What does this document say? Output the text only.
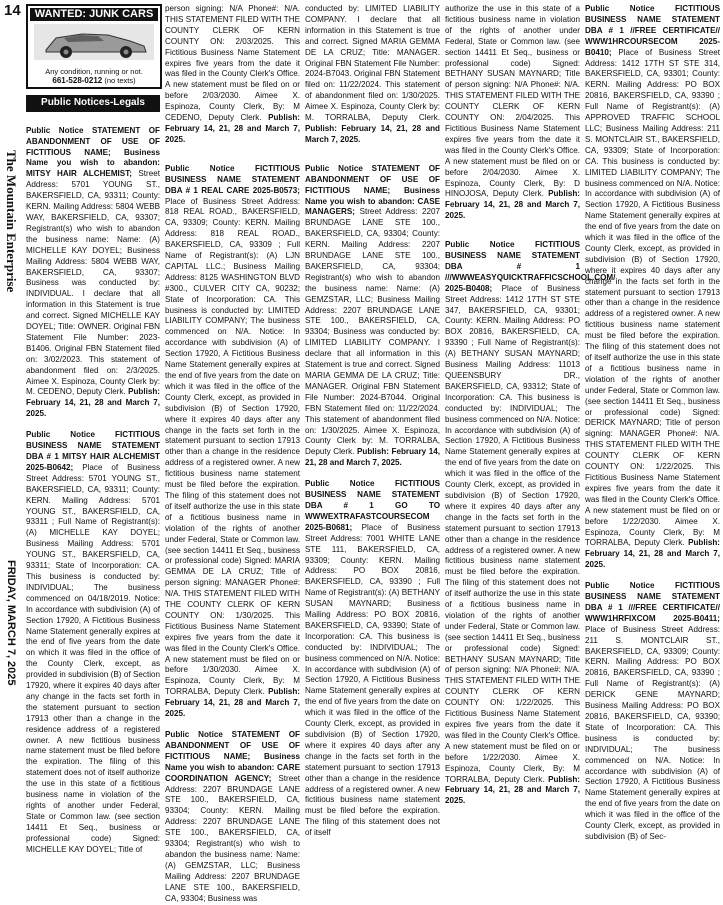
14
The Mountain Enterprise
FRIDAY, MARCH 7, 2025
WANTED: JUNK CARS
Any condition, running or not.
661-528-0212 (no texts)
Public Notices-Legals
Public Notice STATEMENT OF ABANDONMENT OF USE OF FICTITIOUS NAME; Business Name you wish to abandon: MITSY HAIR ALCHEMIST; Street Address: 5701 YOUNG ST., BAKERSFIELD, CA, 93311; County: KERN. Mailing Address: 5804 WEBB WAY, BAKERSFIELD, CA, 93307; Registrant(s) who wish to abandon the business name: Name: (A) MICHELLE KAY DOYEL; Business Mailing Address: 5804 WEBB WAY, BAKERSFIELD, CA, 93307; Business was conducted by: INDIVIDUAL. I declare that all information in this Statement is true and correct. Signed MICHELLE KAY DOYEL; Title: OWNER. Original FBN Statement File Number: 2023-B1406. Original FBN Statement filed on: 3/02/2023. This statement of abandonment filed on: 2/3/2025. Aimee X. Espinoza, County Clerk by: M. CEDENO, Deputy Clerk. Publish: February 14, 21, 28 and March 7, 2025.
Public Notice FICTITIOUS BUSINESS NAME STATEMENT DBA # 1 MITSY HAIR ALCHEMIST 2025-B0642; Place of Business Street Address: 5701 YOUNG ST., BAKERSFIELD, CA, 93311; County: KERN. Mailing Address: 5701 YOUNG ST., BAKERSFIELD, CA, 93311 ; Full Name of Registrant(s): (A) MICHELLE KAY DOYEL; Business Mailing Address: 5701 YOUNG ST., BAKERSFIELD, CA, 93311; State of Incorporation: CA. This business is conducted by: INDIVIDUAL; The business commenced on 04/18/2019. Notice: In accordance with subdivision (A) of Section 17920, A Fictitious Business Name Statement generally expires at the end of five years from the date on which it was filed in the office of the County Clerk, except, as provided in subdivision (B) of Section 17920, where it expires 40 days after any change in the facts set forth in the statement pursuant to section 17913 other than a change in the residence address of a registered owner. A new fictitious business name statement must be filed before the expiration. The filing of this statement does not of itself authorize the use in this state of a fictitious business name in violation of the rights of another under Federal, State or Common law. (see section 14411 Et Seq., business or professional code) Signed: MICHELLE KAY DOYEL; Title of
person signing: N/A Phone#: N/A. THIS STATEMENT FILED WITH THE COUNTY CLERK OF KERN COUNTY ON: 2/03/2025. This Fictitious Business Name Statement expires five years from the date it was filed in the County Clerk's Office. A new statement must be filed on or before 2/03/2030. Aimee X. Espinoza, County Clerk, By: M CEDENO, Deputy Clerk. Publish: February 14, 21, 28 and March 7, 2025.
Public Notice FICTITIOUS BUSINESS NAME STATEMENT DBA # 1 REAL CARE 2025-B0573; Place of Business Street Address: 818 REAL ROAD., BAKERSFIELD, CA, 93309; County: KERN. Mailing Address: 818 REAL ROAD., BAKERSFIELD, CA, 93309 ; Full Name of Registrant(s): (A) LJN CAPITAL LLC.; Business Mailing Address: 8125 WASHINGTON BLVD #300., CULVER CITY CA, 90232; State of Incorporation: CA. This business is conducted by: LIMITED LIABILITY COMPANY; The business commenced on N/A. Notice: In accordance with subdivision (A) of Section 17920, A Fictitious Business Name Statement generally expires at the end of five years from the date on which it was filed in the office of the County Clerk, except, as provided in subdivision (B) of Section 17920, where it expires 40 days after any change in the facts set forth in the statement pursuant to section 17913 other than a change in the residence address of a registered owner. A new fictitious business name statement must be filed before the expiration. The filing of this statement does not of itself authorize the use in this state of a fictitious business name in violation of the rights of another under Federal, State or Common law. (see section 14411 Et Seq., business or professional code) Signed: MARIA GEMMA DE LA CRUZ; Title of person signing: MANAGER Phone#: N/A. THIS STATEMENT FILED WITH THE COUNTY CLERK OF KERN COUNTY ON: 1/30/2025. This Fictitious Business Name Statement expires five years from the date it was filed in the County Clerk's Office. A new statement must be filed on or before 1/30/2030. Aimee X. Espinoza, County Clerk, By: M TORRALBA, Deputy Clerk. Publish: February 14, 21, 28 and March 7, 2025.
Public Notice STATEMENT OF ABANDONMENT OF USE OF FICTITIOUS NAME; Business Name you wish to abandon: CARE COORDINATION AGENCY; Street Address: 2207 BRUNDAGE LANE STE 100., BAKERSFIELD, CA, 93304; County: KERN. Mailing Address: 2207 BRUNDAGE LANE STE 100., BAKERSFIELD, CA, 93304; Registrant(s) who wish to abandon the business name: Name: (A) GEMZSTAR, LLC; Business Mailing Address: 2207 BRUNDAGE LANE STE 100., BAKERSFIELD, CA, 93304; Business was
conducted by: LIMITED LIABILITY COMPANY. I declare that all information in this Statement is true and correct. Signed MARIA GEMMA DE LA CRUZ; Title: MANAGER. Original FBN Statement File Number: 2024-B7043. Original FBN Statement filed on: 11/22/2024. This statement of abandonment filed on: 1/30/2025. Aimee X. Espinoza, County Clerk by: M. TORRALBA, Deputy Clerk. Publish: February 14, 21, 28 and March 7, 2025.
Public Notice STATEMENT OF ABANDONMENT OF USE OF FICTITIOUS NAME; Business Name you wish to abandon: CASE MANAGERS; Street Address: 2207 BRUNDAGE LANE STE 100., BAKERSFIELD, CA, 93304; County: KERN. Mailing Address: 2207 BRUNDAGE LANE STE 100., BAKERSFIELD, CA, 93304; Registrant(s) who wish to abandon the business name: Name: (A) GEMZSTAR, LLC; Business Mailing Address: 2207 BRUNDAGE LANE STE 100., BAKERSFIELD, CA, 93304; Business was conducted by: LIMITED LIABILITY COMPANY. I declare that all information in this Statement is true and correct. Signed MARIA GEMMA DE LA CRUZ; Title: MANAGER. Original FBN Statement File Number: 2024-B7044. Original FBN Statement filed on: 11/22/2024. This statement of abandonment filed on: 1/30/2025. Aimee X. Espinoza, County Clerk by: M. TORRALBA, Deputy Clerk. Publish: February 14, 21, 28 and March 7, 2025.
Public Notice FICTITIOUS BUSINESS NAME STATEMENT DBA # 1 GO TO WWWEXTRAFASTCOURSECOM 2025-B0681; Place of Business Street Address: 7001 WHITE LANE STE 111, BAKERSFIELD, CA, 93309; County: KERN. Mailing Address: PO BOX 20816, BAKERSFIELD, CA, 93390 ; Full Name of Registrant(s): (A) BETHANY SUSAN MAYNARD; Business Mailing Address: PO BOX 20816, BAKERSFIELD, CA, 93390; State of Incorporation: CA. This business is conducted by: INDIVIDUAL; The business commenced on N/A. Notice: In accordance with subdivision (A) of Section 17920, A Fictitious Business Name Statement generally expires at the end of five years from the date on which it was filed in the office of the County Clerk, except, as provided in subdivision (B) of Section 17920, where it expires 40 days after any change in the facts set forth in the statement pursuant to section 17913 other than a change in the residence address of a registered owner. A new fictitious business name statement must be filed before the expiration. The filing of this statement does not of itself
authorize the use in this state of a fictitious business name in violation of the rights of another under Federal, State or Common law. (see section 14411 Et Seq., business or professional code) Signed: BETHANY SUSAN MAYNARD; Title of person signing: N/A Phone#: N/A. THIS STATEMENT FILED WITH THE COUNTY CLERK OF KERN COUNTY ON: 2/04/2025. This Fictitious Business Name Statement expires five years from the date it was filed in the County Clerk's Office. A new statement must be filed on or before 2/04/2030. Aimee X. Espinoza, County Clerk, By: D HINOJOSA, Deputy Clerk. Publish: February 14, 21, 28 and March 7, 2025.
Public Notice FICTITIOUS BUSINESS NAME STATEMENT DBA # 1 ///WWWEASYQUICKTRAFFICSCHOOL.COM/ 2025-B0408; Place of Business Street Address: 1412 17TH ST STE 347, BAKERSFIELD, CA, 93301; County: KERN. Mailing Address: PO BOX 20816, BAKERSFIELD, CA, 93390 ; Full Name of Registrant(s): (A) BETHANY SUSAN MAYNARD; Business Mailing Address: 11013 QUEENSBURY DR., BAKERSFIELD, CA, 93312; State of Incorporation: CA. This business is conducted by: INDIVIDUAL; The business commenced on N/A. Notice: In accordance with subdivision (A) of Section 17920, A Fictitious Business Name Statement generally expires at the end of five years from the date on which it was filed in the office of the County Clerk, except, as provided in subdivision (B) of Section 17920, where it expires 40 days after any change in the facts set forth in the statement pursuant to section 17913 other than a change in the residence address of a registered owner. A new fictitious business name statement must be filed before the expiration. The filing of this statement does not of itself authorize the use in this state of a fictitious business name in violation of the rights of another under Federal, State or Common law. (see section 14411 Et Seq., business or professional code) Signed: BETHANY SUSAN MAYNARD; Title of person signing: N/A Phone#: N/A. THIS STATEMENT FILED WITH THE COUNTY CLERK OF KERN COUNTY ON: 1/22/2025. This Fictitious Business Name Statement expires five years from the date it was filed in the County Clerk's Office. A new statement must be filed on or before 1/22/2030. Aimee X. Espinoza, County Clerk, By: M TORRALBA, Deputy Clerk. Publish: February 14, 21, 28 and March 7, 2025.
Public Notice FICTITIOUS BUSINESS NAME STATEMENT DBA # 1 //FREE CERTIFICATE// WWW1HRCOURSECOM 2025-B0410; Place of Business Street Address: 1412 17TH ST STE 314, BAKERSFIELD, CA, 93301; County: KERN. Mailing Address: PO BOX 20816, BAKERSFIELD, CA, 93390 ; Full Name of Registrant(s): (A) APPROVED TRAFFIC SCHOOL LLC; Business Mailing Address: 211 S. MONTCLAIR ST., BAKERSFIELD, CA, 93309; State of Incorporation: CA. This business is conducted by: LIMITED LIABILITY COMPANY; The business commenced on N/A. Notice: In accordance with subdivision (A) of Section 17920, A Fictitious Business Name Statement generally expires at the end of five years from the date on which it was filed in the office of the County Clerk, except, as provided in subdivision (B) of Section 17920, where it expires 40 days after any change in the facts set forth in the statement pursuant to section 17913 other than a change in the residence address of a registered owner. A new fictitious business name statement must be filed before the expiration. The filing of this statement does not of itself authorize the use in this state of a fictitious business name in violation of the rights of another under Federal, State or Common law. (see section 14411 Et Seq., business or professional code) Signed: DERICK MAYNARD; Title of person signing: MANAGER Phone#: N/A. THIS STATEMENT FILED WITH THE COUNTY CLERK OF KERN COUNTY ON: 1/22/2025. This Fictitious Business Name Statement expires five years from the date it was filed in the County Clerk's Office. A new statement must be filed on or before 1/22/2030. Aimee X. Espinoza, County Clerk, By: M TORRALBA, Deputy Clerk. Publish: February 14, 21, 28 and March 7, 2025.
Public Notice FICTITIOUS BUSINESS NAME STATEMENT DBA # 1 ///FREE CERTIFICATE// WWW1HRFIXCOM 2025-B0411; Place of Business Street Address: 211 S. MONTCLAIR ST., BAKERSFIELD, CA, 93309; County: KERN. Mailing Address: PO BOX 20816, BAKERSFIELD, CA, 93390 ; Full Name of Registrant(s): (A) DERICK GENE MAYNARD; Business Mailing Address: PO BOX 20816, BAKERSFIELD, CA, 93390; State of Incorporation: CA. This business is conducted by: INDIVIDUAL; The business commenced on N/A. Notice: In accordance with subdivision (A) of Section 17920, A Fictitious Business Name Statement generally expires at the end of five years from the date on which it was filed in the office of the County Clerk, except, as provided in subdivision (B) of Sec-
